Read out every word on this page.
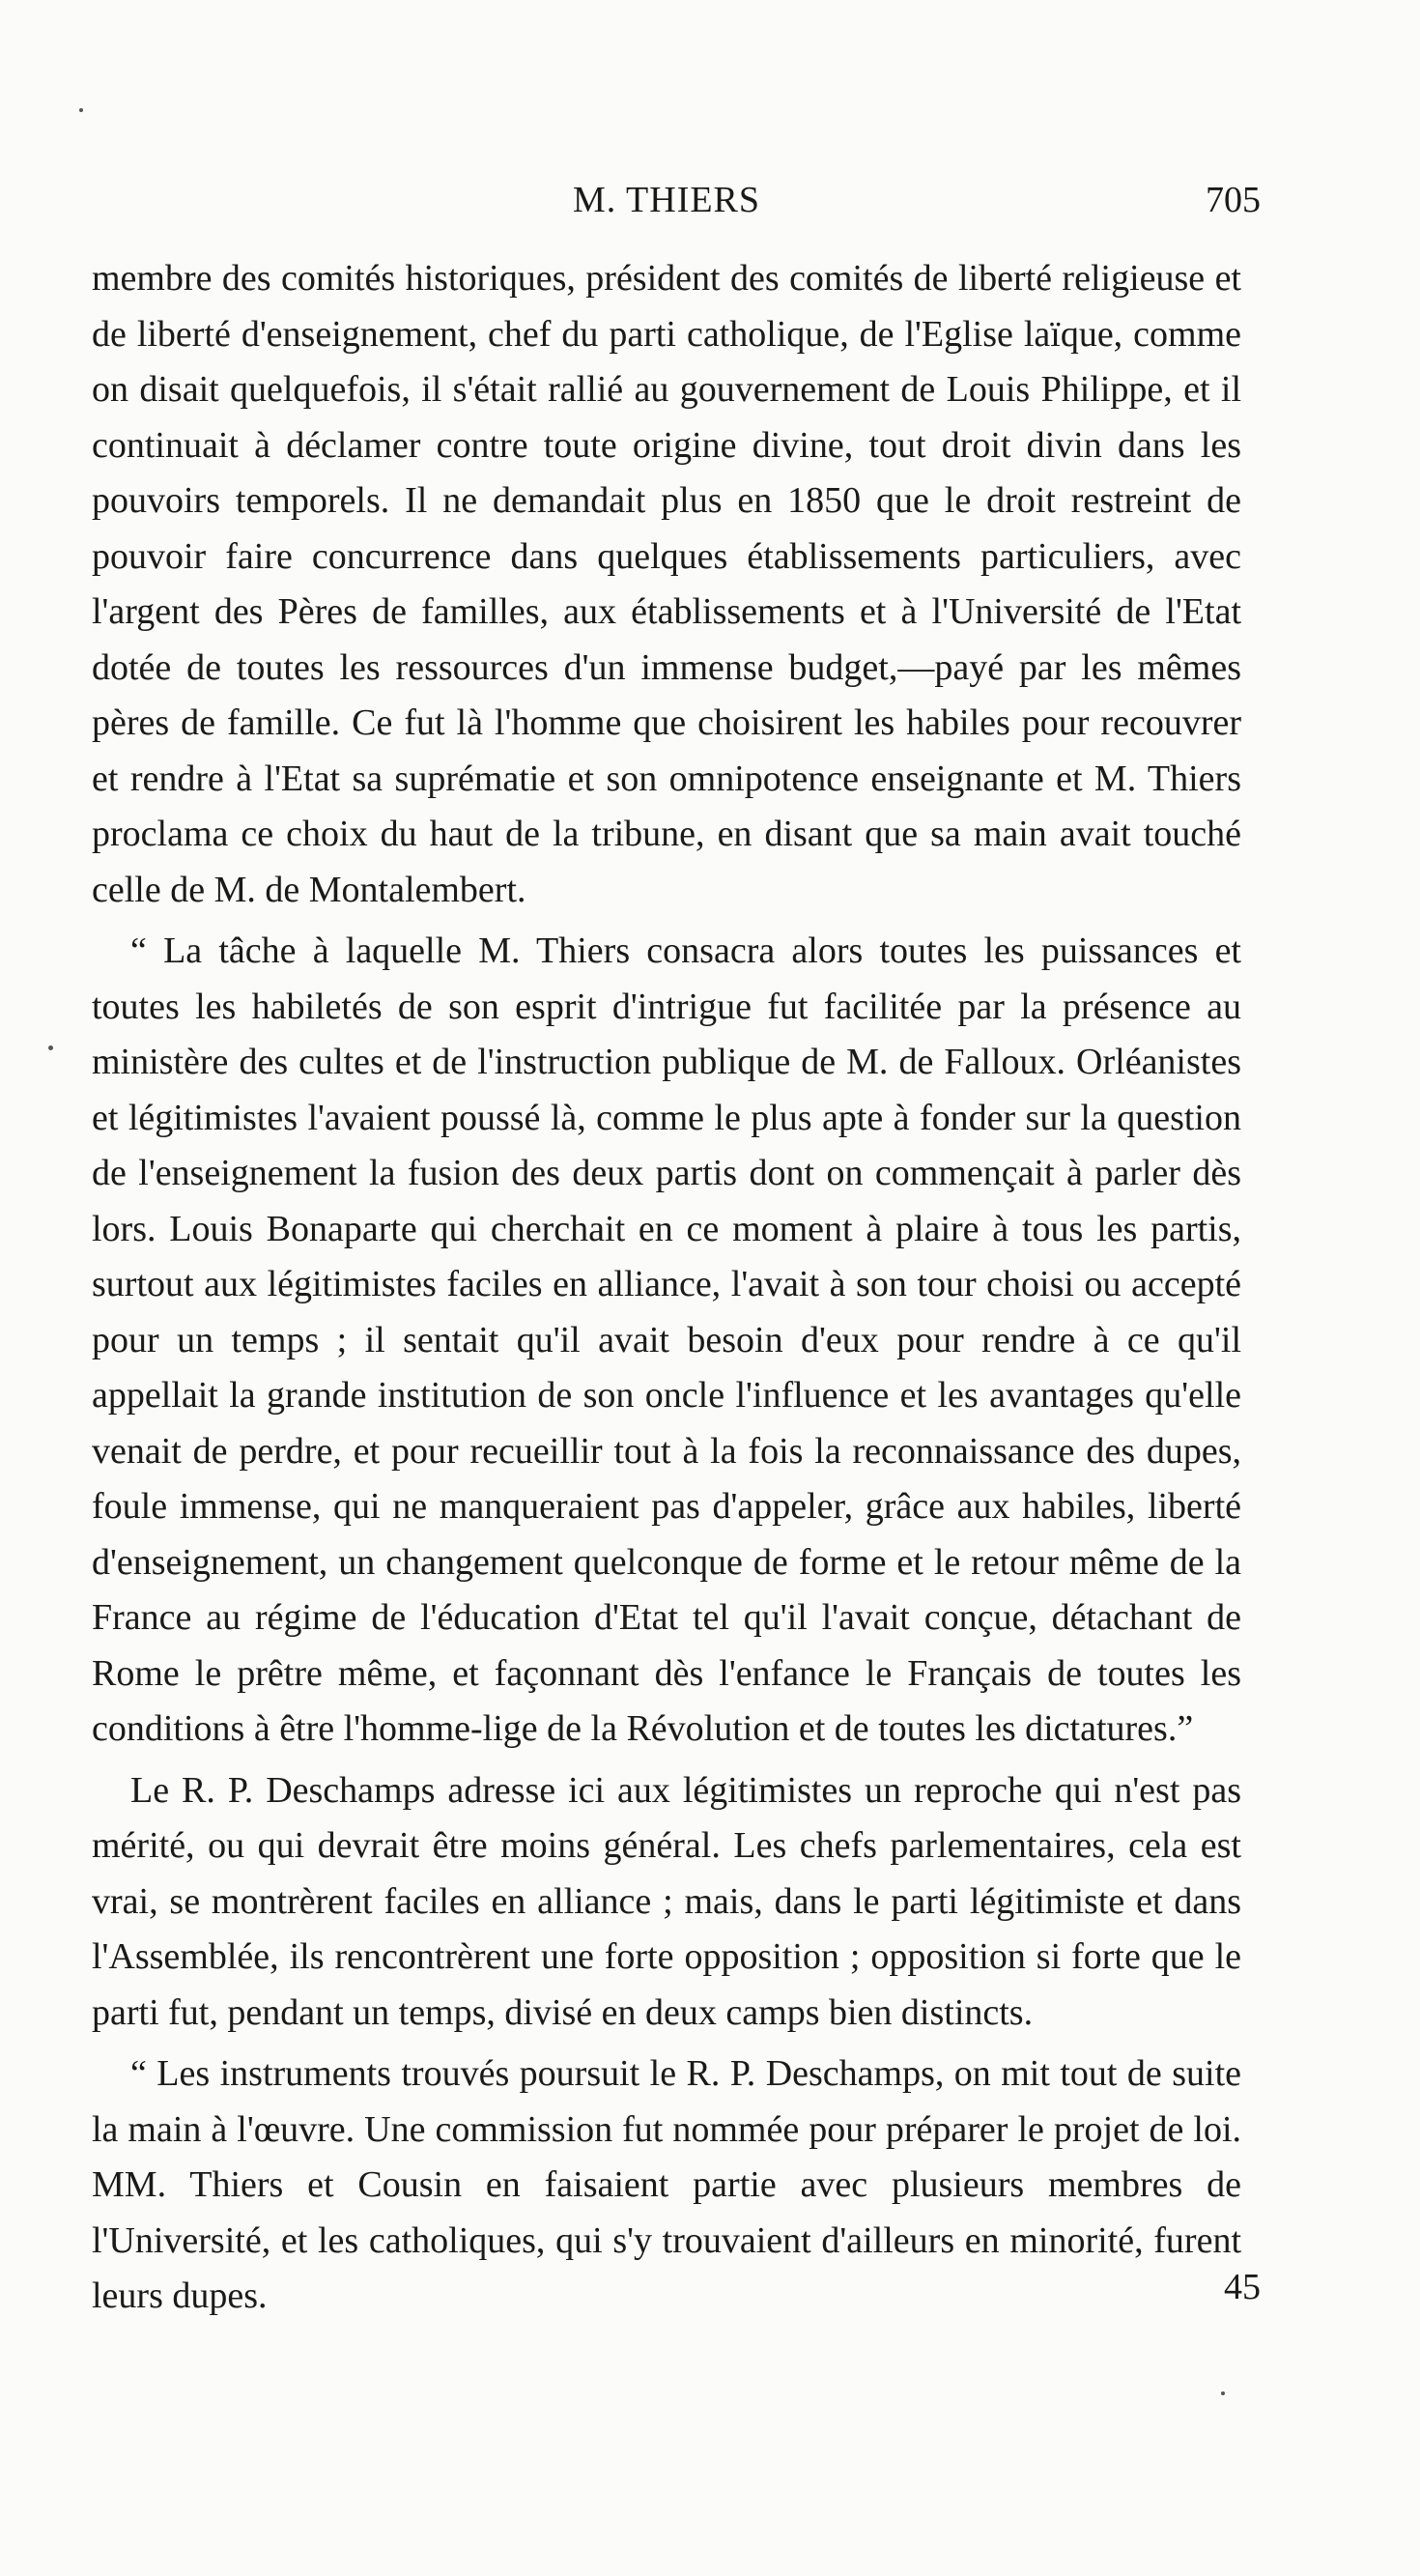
M. THIERS	705

membre des comités historiques, président des comités de liberté religieuse et de liberté d'enseignement, chef du parti catholique, de l'Eglise laïque, comme on disait quelquefois, il s'était rallié au gouvernement de Louis Philippe, et il continuait à déclamer contre toute origine divine, tout droit divin dans les pouvoirs temporels. Il ne demandait plus en 1850 que le droit restreint de pouvoir faire concurrence dans quelques établissements particuliers, avec l'argent des Pères de familles, aux établissements et à l'Université de l'Etat dotée de toutes les ressources d'un immense budget,—payé par les mêmes pères de famille. Ce fut là l'homme que choisirent les habiles pour recouvrer et rendre à l'Etat sa suprématie et son omnipotence enseignante et M. Thiers proclama ce choix du haut de la tribune, en disant que sa main avait touché celle de M. de Montalembert.

“ La tâche à laquelle M. Thiers consacra alors toutes les puissances et toutes les habiletés de son esprit d'intrigue fut facilitée par la présence au ministère des cultes et de l'instruction publique de M. de Falloux. Orléanistes et légitimistes l'avaient poussé là, comme le plus apte à fonder sur la question de l'enseignement la fusion des deux partis dont on commençait à parler dès lors. Louis Bonaparte qui cherchait en ce moment à plaire à tous les partis, surtout aux légitimistes faciles en alliance, l'avait à son tour choisi ou accepté pour un temps ; il sentait qu'il avait besoin d'eux pour rendre à ce qu'il appellait la grande institution de son oncle l'influence et les avantages qu'elle venait de perdre, et pour recueillir tout à la fois la reconnaissance des dupes, foule immense, qui ne manqueraient pas d'appeler, grâce aux habiles, liberté d'enseignement, un changement quelconque de forme et le retour même de la France au régime de l'éducation d'Etat tel qu'il l'avait conçue, détachant de Rome le prêtre même, et façonnant dès l'enfance le Français de toutes les conditions à être l'homme-lige de la Révolution et de toutes les dictatures.”

Le R. P. Deschamps adresse ici aux légitimistes un reproche qui n'est pas mérité, ou qui devrait être moins général. Les chefs parlementaires, cela est vrai, se montrèrent faciles en alliance ; mais, dans le parti légitimiste et dans l'Assemblée, ils rencontrèrent une forte opposition ; opposition si forte que le parti fut, pendant un temps, divisé en deux camps bien distincts.

“ Les instruments trouvés poursuit le R. P. Deschamps, on mit tout de suite la main à l'œuvre. Une commission fut nommée pour préparer le projet de loi. MM. Thiers et Cousin en faisaient partie avec plusieurs membres de l'Université, et les catholiques, qui s'y trouvaient d'ailleurs en minorité, furent leurs dupes.	45
